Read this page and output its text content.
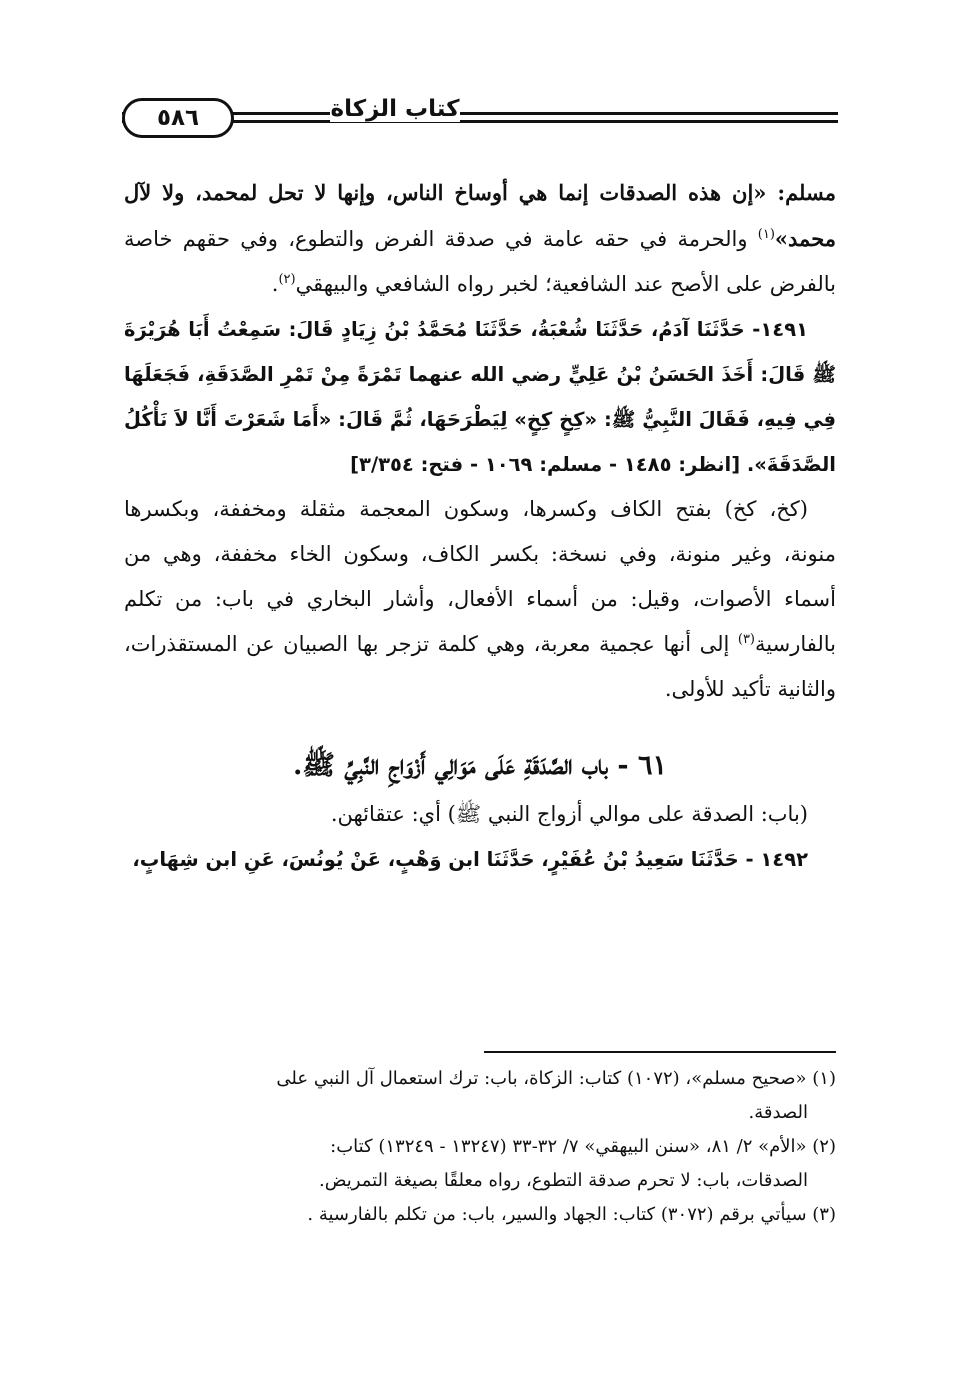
كتاب الزكاة
٥٨٦

مسلم: «إن هذه الصدقات إنما هي أوساخ الناس، وإنها لا تحل لمحمد، ولا لآل محمد»$^{(١)}$ والحرمة في حقه عامة في صدقة الفرض والتطوع، وفي حقهم خاصة بالفرض على الأصح عند الشافعية؛ لخبر رواه الشافعي والبيهقي$^{(٢)}$.

١٤٩١- حَدَّثَنَا آدَمُ، حَدَّثَنَا شُعْبَةُ، حَدَّثَنَا مُحَمَّدُ بْنُ زِيَادٍ قَالَ: سَمِعْتُ أَبَا هُرَيْرَةَ ﷺ قَالَ: أَخَذَ الحَسَنُ بْنُ عَلِيٍّ رضي الله عنهما تَمْرَةً مِنْ تَمْرِ الصَّدَقَةِ، فَجَعَلَهَا فِي فِيهِ، فَقَالَ النَّبِيُّ ﷺ: «كِخٍ كِخٍ» لِيَطْرَحَهَا، ثُمَّ قَالَ: «أَمَا شَعَرْتَ أَنَّا لاَ نَأْكُلُ الصَّدَقَةَ». [انظر: ١٤٨٥ - مسلم: ١٠٦٩ - فتح: ٣/٣٥٤]

(كخ، كخ) بفتح الكاف وكسرها، وسكون المعجمة مثقلة ومخففة، وبكسرها منونة، وغير منونة، وفي نسخة: بكسر الكاف، وسكون الخاء مخففة، وهي من أسماء الأصوات، وقيل: من أسماء الأفعال، وأشار البخاري في باب: من تكلم بالفارسية$^{(٣)}$ إلى أنها عجمية معربة، وهي كلمة تزجر بها الصبيان عن المستقذرات، والثانية تأكيد للأولى.

٦١ - باب الصَّدَقَةِ عَلَى مَوَالِي أَزْوَاجِ النَّبِيِّ ﷺ.

(باب: الصدقة على موالي أزواج النبي ﷺ) أي: عتقائهن.

١٤٩٢ - حَدَّثَنَا سَعِيدُ بْنُ عُفَيْرٍ، حَدَّثَنَا ابن وَهْبٍ، عَنْ يُونُسَ، عَنِ ابن شِهَابٍ،

(١) «صحيح مسلم»، (١٠٧٢) كتاب: الزكاة، باب: ترك استعمال آل النبي على

الصدقة.

(٢) «الأم» ٢/ ٨١، «سنن البيهقي» ٧/ ٣٢-٣٣ (١٣٢٤٧ - ١٣٢٤٩) كتاب:

الصدقات، باب: لا تحرم صدقة التطوع، رواه معلقًا بصيغة التمريض.

(٣) سيأتي برقم (٣٠٧٢) كتاب: الجهاد والسير، باب: من تكلم بالفارسية .
